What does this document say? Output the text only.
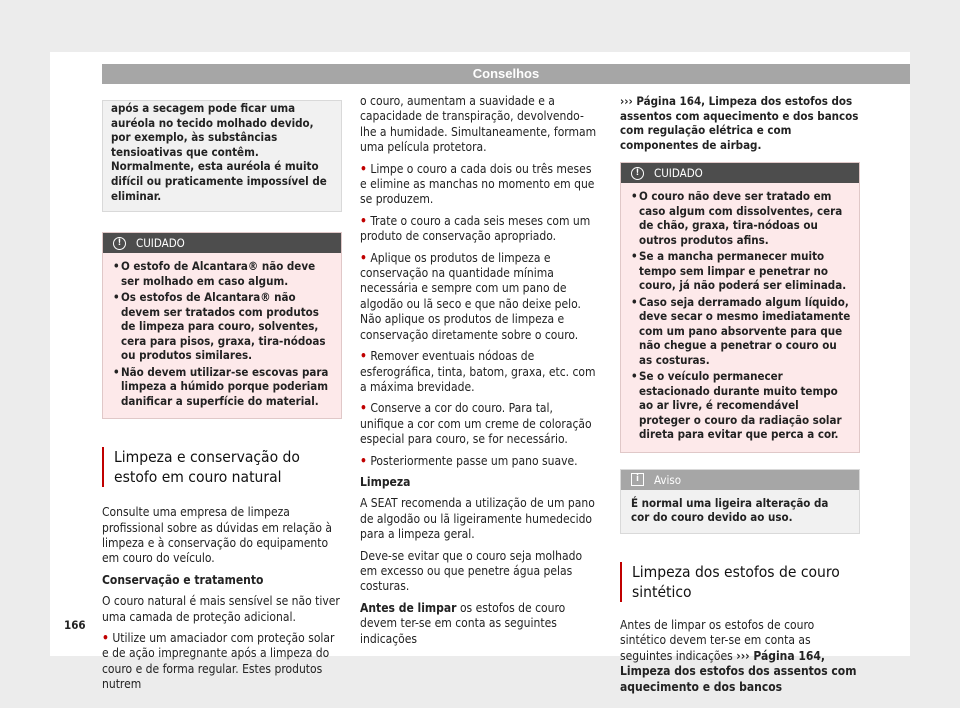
Conselhos
após a secagem pode ficar uma auréola no tecido molhado devido, por exemplo, às substâncias tensioativas que contêm. Normalmente, esta auréola é muito difícil ou praticamente impossível de eliminar.
!	CUIDADO
• O estofo de Alcantara® não deve ser molhado em caso algum.
• Os estofos de Alcantara® não devem ser tratados com produtos de limpeza para couro, solventes, cera para pisos, graxa, tira-nódoas ou produtos similares.
• Não devem utilizar-se escovas para limpeza a húmido porque poderiam danificar a superfície do material.
Limpeza e conservação do estofo em couro natural

Consulte uma empresa de limpeza profissional sobre as dúvidas em relação à limpeza e à conservação do equipamento em couro do veículo.

Conservação e tratamento

O couro natural é mais sensível se não tiver uma camada de proteção adicional.

• Utilize um amaciador com proteção solar e de ação impregnante após a limpeza do couro e de forma regular. Estes produtos nutrem

o couro, aumentam a suavidade e a capacidade de transpiração, devolvendo-lhe a humidade. Simultaneamente, formam uma película protetora.

• Limpe o couro a cada dois ou três meses e elimine as manchas no momento em que se produzem.

• Trate o couro a cada seis meses com um produto de conservação apropriado.

• Aplique os produtos de limpeza e conservação na quantidade mínima necessária e sempre com um pano de algodão ou lã seco e que não deixe pelo. Não aplique os produtos de limpeza e conservação diretamente sobre o couro.

• Remover eventuais nódoas de esferográfica, tinta, batom, graxa, etc. com a máxima brevidade.

• Conserve a cor do couro. Para tal, unifique a cor com um creme de coloração especial para couro, se for necessário.

• Posteriormente passe um pano suave.

Limpeza

A SEAT recomenda a utilização de um pano de algodão ou lã ligeiramente humedecido para a limpeza geral.

Deve-se evitar que o couro seja molhado em excesso ou que penetre água pelas costuras.

Antes de limpar os estofos de couro devem ter-se em conta as seguintes indicações

››› Página 164, Limpeza dos estofos dos assentos com aquecimento e dos bancos com regulação elétrica e com componentes de airbag.

!	CUIDADO
• O couro não deve ser tratado em caso algum com dissolventes, cera de chão, graxa, tira-nódoas ou outros produtos afins.
• Se a mancha permanecer muito tempo sem limpar e penetrar no couro, já não poderá ser eliminada.
• Caso seja derramado algum líquido, deve secar o mesmo imediatamente com um pano absorvente para que não chegue a penetrar o couro ou as costuras.
• Se o veículo permanecer estacionado durante muito tempo ao ar livre, é recomendável proteger o couro da radiação solar direta para evitar que perca a cor.
i	Aviso
É normal uma ligeira alteração da cor do couro devido ao uso.
Limpeza dos estofos de couro sintético

Antes de limpar os estofos de couro sintético devem ter-se em conta as seguintes indicações ››› Página 164, Limpeza dos estofos dos assentos com aquecimento e dos bancos

166
